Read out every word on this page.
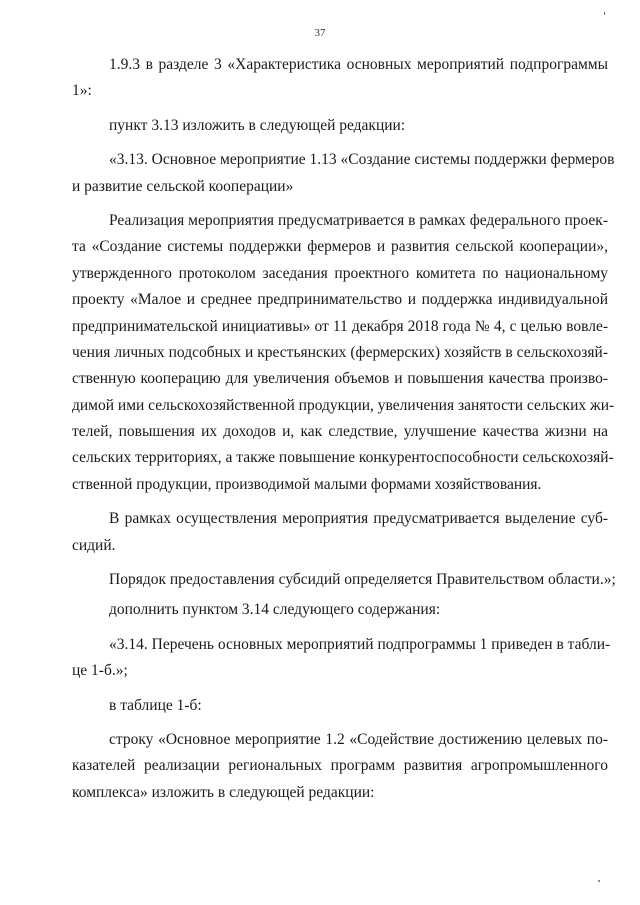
37
1.9.3 в разделе 3 «Характеристика основных мероприятий подпрограммы
1»:
пункт 3.13 изложить в следующей редакции:
«3.13. Основное мероприятие 1.13 «Создание системы поддержки фермеров
и развитие сельской кооперации»
Реализация мероприятия предусматривается в рамках федерального проек-
та «Создание системы поддержки фермеров и развития сельской кооперации»,
утвержденного протоколом заседания проектного комитета по национальному
проекту «Малое и среднее предпринимательство и поддержка индивидуальной
предпринимательской инициативы» от 11 декабря 2018 года № 4, с целью вовле-
чения личных подсобных и крестьянских (фермерских) хозяйств в сельскохозяй-
ственную кооперацию для увеличения объемов и повышения качества произво-
димой ими сельскохозяйственной продукции, увеличения занятости сельских жи-
телей, повышения их доходов и, как следствие, улучшение качества жизни на
сельских территориях, а также повышение конкурентоспособности сельскохозяй-
ственной продукции, производимой малыми формами хозяйствования.
В рамках осуществления мероприятия предусматривается выделение суб-
сидий.
Порядок предоставления субсидий определяется Правительством области.»;
дополнить пунктом 3.14 следующего содержания:
«3.14. Перечень основных мероприятий подпрограммы 1 приведен в табли-
це 1-б.»;
в таблице 1-б:
строку «Основное мероприятие 1.2 «Содействие достижению целевых по-
казателей реализации региональных программ развития агропромышленного
комплекса» изложить в следующей редакции:
